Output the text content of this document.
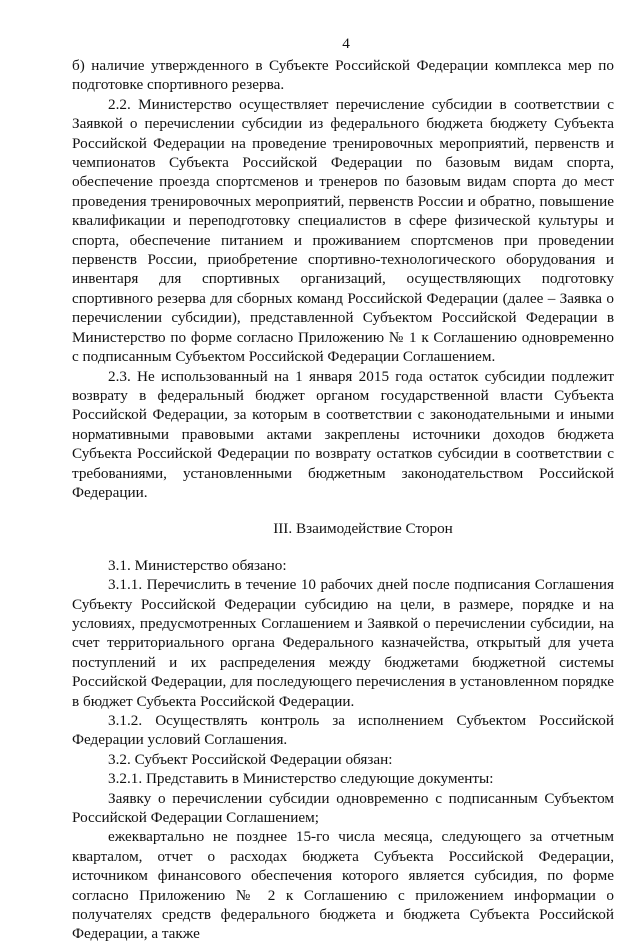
4

б) наличие утвержденного в Субъекте Российской Федерации комплекса мер по подготовке спортивного резерва.

2.2. Министерство осуществляет перечисление субсидии в соответствии с Заявкой о перечислении субсидии из федерального бюджета бюджету Субъекта Российской Федерации на проведение тренировочных мероприятий, первенств и чемпионатов Субъекта Российской Федерации по базовым видам спорта, обеспечение проезда спортсменов и тренеров по базовым видам спорта до мест проведения тренировочных мероприятий, первенств России и обратно, повышение квалификации и переподготовку специалистов в сфере физической культуры и спорта, обеспечение питанием и проживанием спортсменов при проведении первенств России, приобретение спортивно-технологического оборудования и инвентаря для спортивных организаций, осуществляющих подготовку спортивного резерва для сборных команд Российской Федерации (далее – Заявка о перечислении субсидии), представленной Субъектом Российской Федерации в Министерство по форме согласно Приложению № 1 к Соглашению одновременно с подписанным Субъектом Российской Федерации Соглашением.

2.3. Не использованный на 1 января 2015 года остаток субсидии подлежит возврату в федеральный бюджет органом государственной власти Субъекта Российской Федерации, за которым в соответствии с законодательными и иными нормативными правовыми актами закреплены источники доходов бюджета Субъекта Российской Федерации по возврату остатков субсидии в соответствии с требованиями, установленными бюджетным законодательством Российской Федерации.

III. Взаимодействие Сторон

3.1. Министерство обязано:

3.1.1. Перечислить в течение 10 рабочих дней после подписания Соглашения Субъекту Российской Федерации субсидию на цели, в размере, порядке и на условиях, предусмотренных Соглашением и Заявкой о перечислении субсидии, на счет территориального органа Федерального казначейства, открытый для учета поступлений и их распределения между бюджетами бюджетной системы Российской Федерации, для последующего перечисления в установленном порядке в бюджет Субъекта Российской Федерации.

3.1.2. Осуществлять контроль за исполнением Субъектом Российской Федерации условий Соглашения.

3.2. Субъект Российской Федерации обязан:

3.2.1. Представить в Министерство следующие документы:

Заявку о перечислении субсидии одновременно с подписанным Субъектом Российской Федерации Соглашением;

ежеквартально не позднее 15-го числа месяца, следующего за отчетным кварталом, отчет о расходах бюджета Субъекта Российской Федерации, источником финансового обеспечения которого является субсидия, по форме согласно Приложению № 2 к Соглашению с приложением информации о получателях средств федерального бюджета и бюджета Субъекта Российской Федерации, а также
